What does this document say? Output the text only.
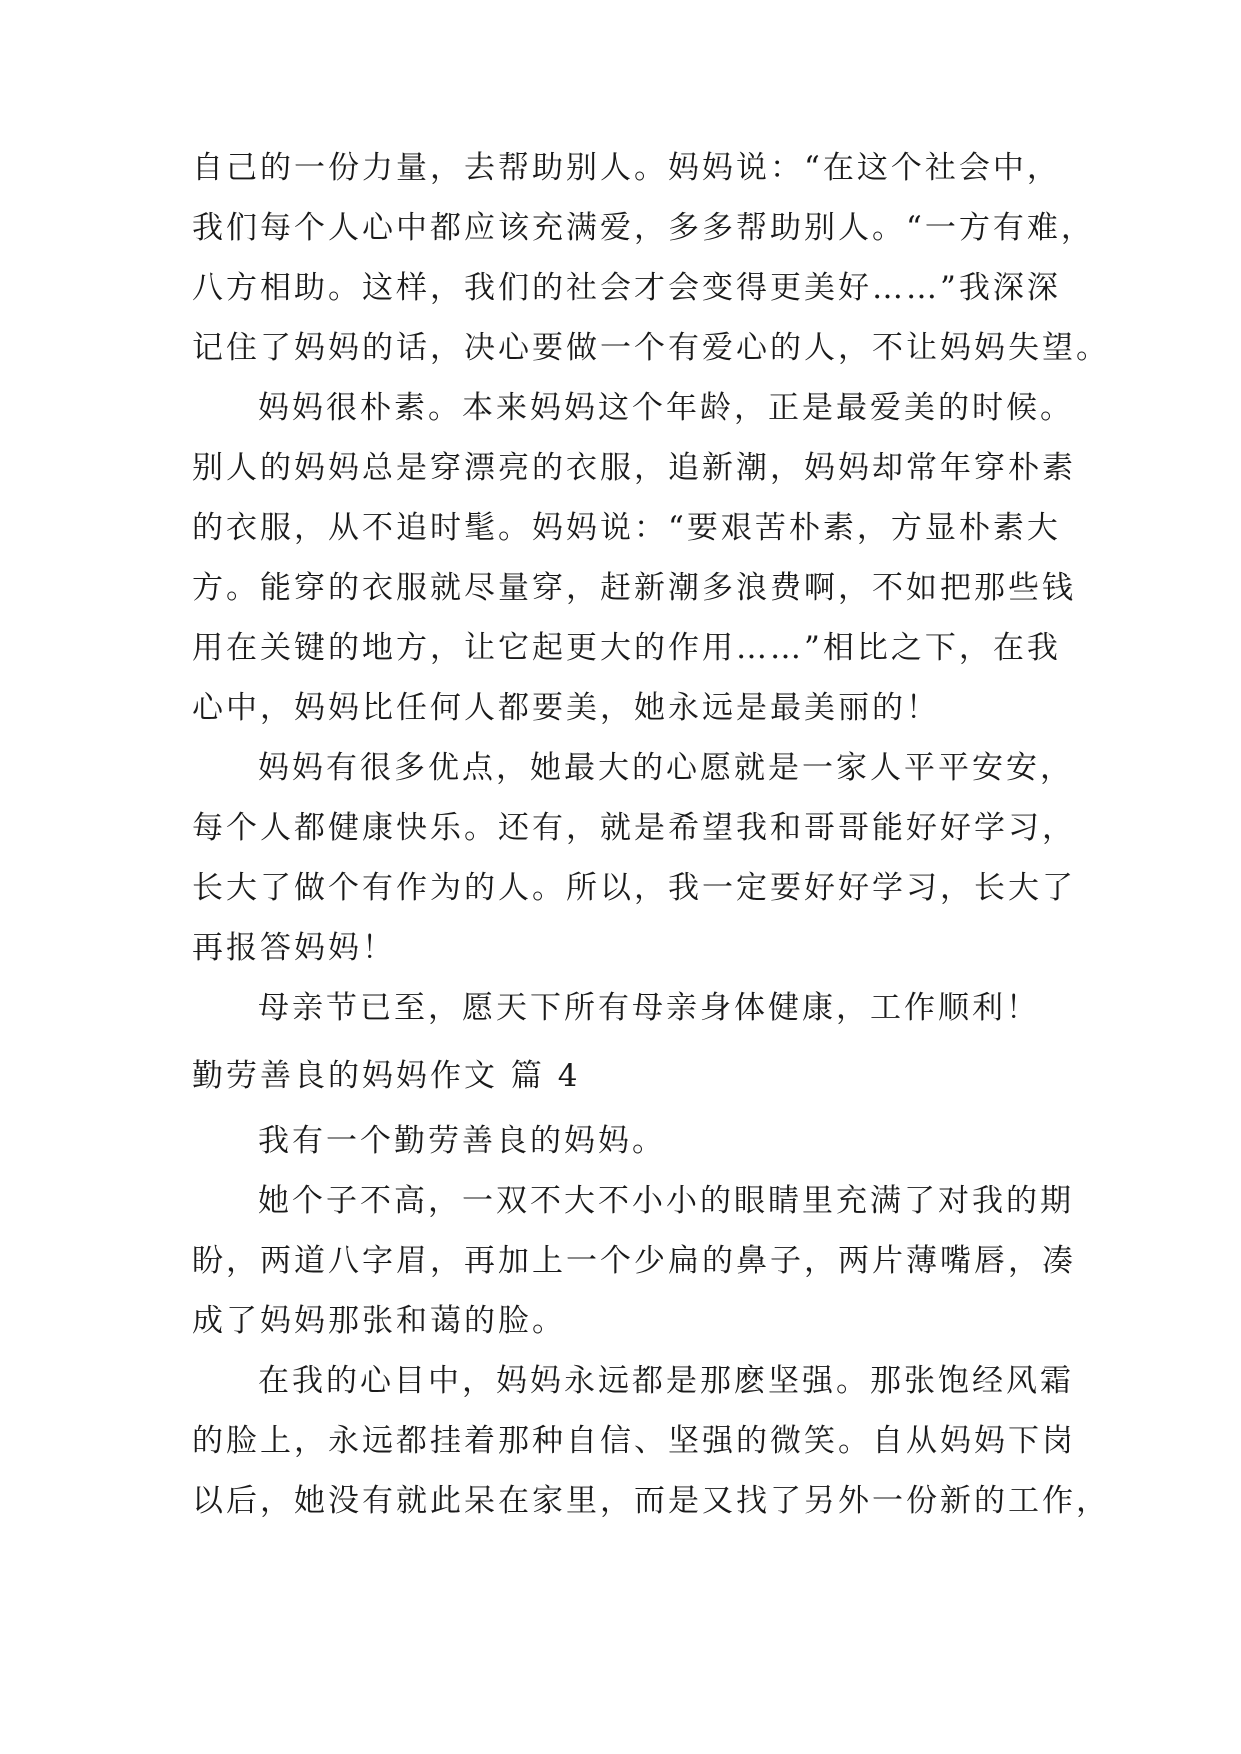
自己的一份力量，去帮助别人。妈妈说：“在这个社会中，
我们每个人心中都应该充满爱，多多帮助别人。“一方有难，
八方相助。这样，我们的社会才会变得更美好……”我深深
记住了妈妈的话，决心要做一个有爱心的人，不让妈妈失望。
妈妈很朴素。本来妈妈这个年龄，正是最爱美的时候。
别人的妈妈总是穿漂亮的衣服，追新潮，妈妈却常年穿朴素
的衣服，从不追时髦。妈妈说：“要艰苦朴素，方显朴素大
方。能穿的衣服就尽量穿，赶新潮多浪费啊，不如把那些钱
用在关键的地方，让它起更大的作用……”相比之下，在我
心中，妈妈比任何人都要美，她永远是最美丽的！
妈妈有很多优点，她最大的心愿就是一家人平平安安，
每个人都健康快乐。还有，就是希望我和哥哥能好好学习，
长大了做个有作为的人。所以，我一定要好好学习，长大了
再报答妈妈！
母亲节已至，愿天下所有母亲身体健康，工作顺利！
勤劳善良的妈妈作文 篇 4
我有一个勤劳善良的妈妈。
她个子不高，一双不大不小小的眼睛里充满了对我的期
盼，两道八字眉，再加上一个少扁的鼻子，两片薄嘴唇，凑
成了妈妈那张和蔼的脸。
在我的心目中，妈妈永远都是那麽坚强。那张饱经风霜
的脸上，永远都挂着那种自信、坚强的微笑。自从妈妈下岗
以后，她没有就此呆在家里，而是又找了另外一份新的工作，
